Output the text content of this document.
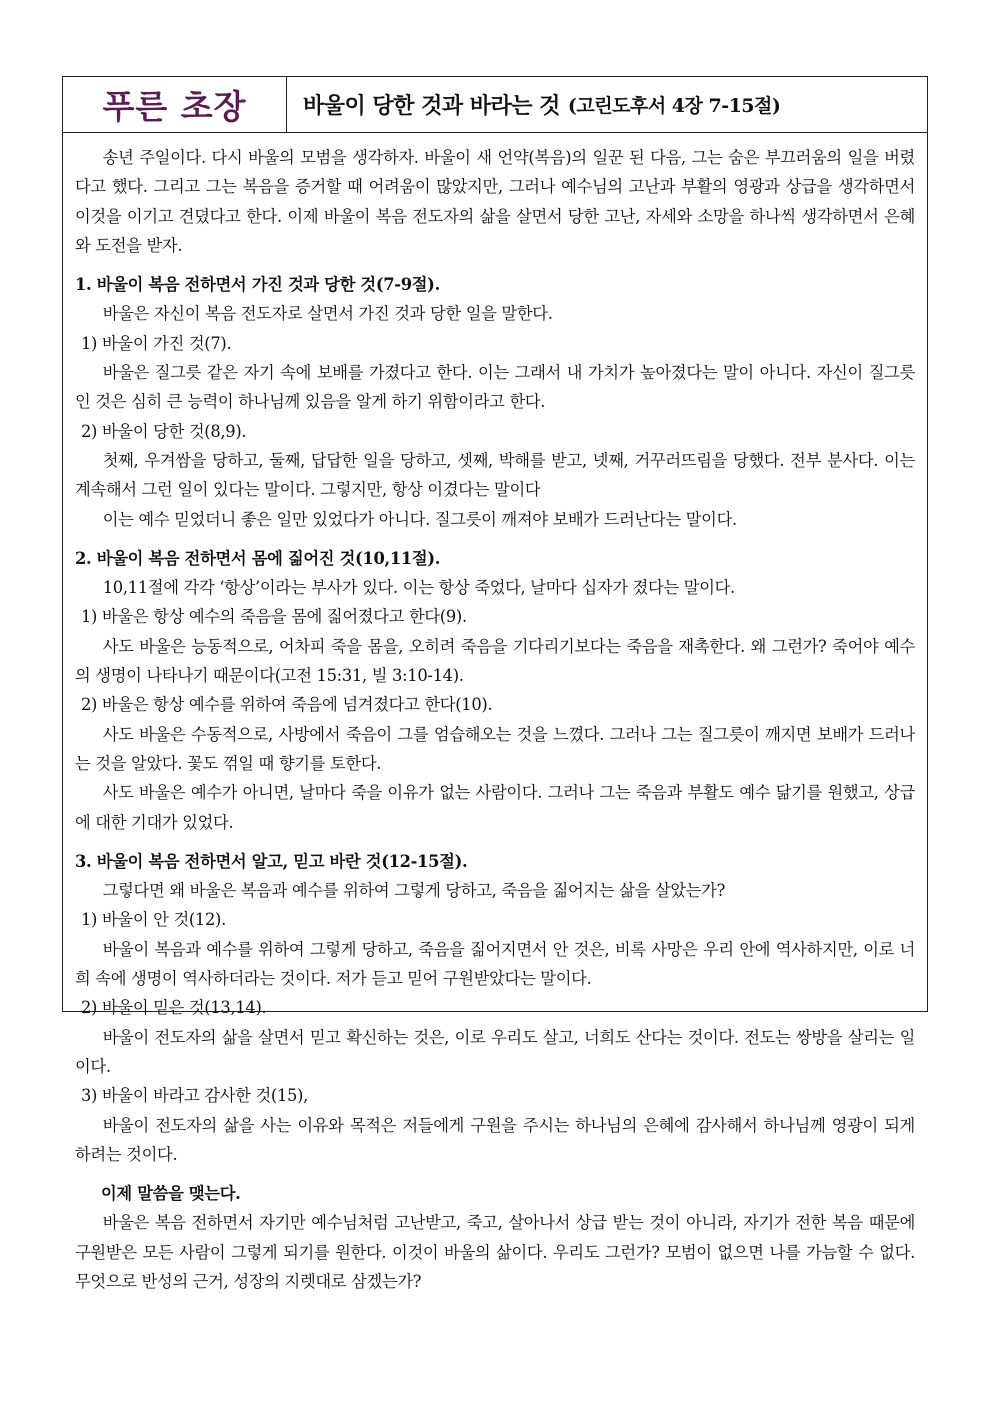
푸른 초장	바울이 당한 것과 바라는 것 (고린도후서 4장 7-15절)

송년 주일이다. 다시 바울의 모범을 생각하자. 바울이 새 언약(복음)의 일꾼 된 다음, 그는 숨은 부끄러움의 일을 버렸다고 했다. 그리고 그는 복음을 증거할 때 어려움이 많았지만, 그러나 예수님의 고난과 부활의 영광과 상급을 생각하면서 이것을 이기고 견뎠다고 한다. 이제 바울이 복음 전도자의 삶을 살면서 당한 고난, 자세와 소망을 하나씩 생각하면서 은혜와 도전을 받자.

1. 바울이 복음 전하면서 가진 것과 당한 것(7-9절).

바울은 자신이 복음 전도자로 살면서 가진 것과 당한 일을 말한다.

1) 바울이 가진 것(7).

바울은 질그릇 같은 자기 속에 보배를 가졌다고 한다. 이는 그래서 내 가치가 높아졌다는 말이 아니다. 자신이 질그릇인 것은 심히 큰 능력이 하나님께 있음을 알게 하기 위함이라고 한다.

2) 바울이 당한 것(8,9).

첫째, 우겨쌈을 당하고, 둘째, 답답한 일을 당하고, 셋째, 박해를 받고, 넷째, 거꾸러뜨림을 당했다. 전부 분사다. 이는 계속해서 그런 일이 있다는 말이다. 그렇지만, 항상 이겼다는 말이다

이는 예수 믿었더니 좋은 일만 있었다가 아니다. 질그릇이 깨져야 보배가 드러난다는 말이다.

2. 바울이 복음 전하면서 몸에 짊어진 것(10,11절).

10,11절에 각각 ‘항상’이라는 부사가 있다. 이는 항상 죽었다, 날마다 십자가 졌다는 말이다.

1) 바울은 항상 예수의 죽음을 몸에 짊어졌다고 한다(9).

사도 바울은 능동적으로, 어차피 죽을 몸을, 오히려 죽음을 기다리기보다는 죽음을 재촉한다. 왜 그런가? 죽어야 예수의 생명이 나타나기 때문이다(고전 15:31, 빌 3:10-14).

2) 바울은 항상 예수를 위하여 죽음에 넘겨졌다고 한다(10).

사도 바울은 수동적으로, 사방에서 죽음이 그를 엄습해오는 것을 느꼈다. 그러나 그는 질그릇이 깨지면 보배가 드러나는 것을 알았다. 꽃도 꺾일 때 향기를 토한다.

사도 바울은 예수가 아니면, 날마다 죽을 이유가 없는 사람이다. 그러나 그는 죽음과 부활도 예수 닮기를 원했고, 상급에 대한 기대가 있었다.

3. 바울이 복음 전하면서 알고, 믿고 바란 것(12-15절).

그렇다면 왜 바울은 복음과 예수를 위하여 그렇게 당하고, 죽음을 짊어지는 삶을 살았는가?

1) 바울이 안 것(12).

바울이 복음과 예수를 위하여 그렇게 당하고, 죽음을 짊어지면서 안 것은, 비록 사망은 우리 안에 역사하지만, 이로 너희 속에 생명이 역사하더라는 것이다. 저가 듣고 믿어 구원받았다는 말이다.

2) 바울이 믿은 것(13,14).

바울이 전도자의 삶을 살면서 믿고 확신하는 것은, 이로 우리도 살고, 너희도 산다는 것이다. 전도는 쌍방을 살리는 일이다.

3) 바울이 바라고 감사한 것(15),

바울이 전도자의 삶을 사는 이유와 목적은 저들에게 구원을 주시는 하나님의 은혜에 감사해서 하나님께 영광이 되게 하려는 것이다.

이제 말씀을 맺는다.

바울은 복음 전하면서 자기만 예수님처럼 고난받고, 죽고, 살아나서 상급 받는 것이 아니라, 자기가 전한 복음 때문에 구원받은 모든 사람이 그렇게 되기를 원한다. 이것이 바울의 삶이다. 우리도 그런가? 모범이 없으면 나를 가늠할 수 없다. 무엇으로 반성의 근거, 성장의 지렛대로 삼겠는가?
